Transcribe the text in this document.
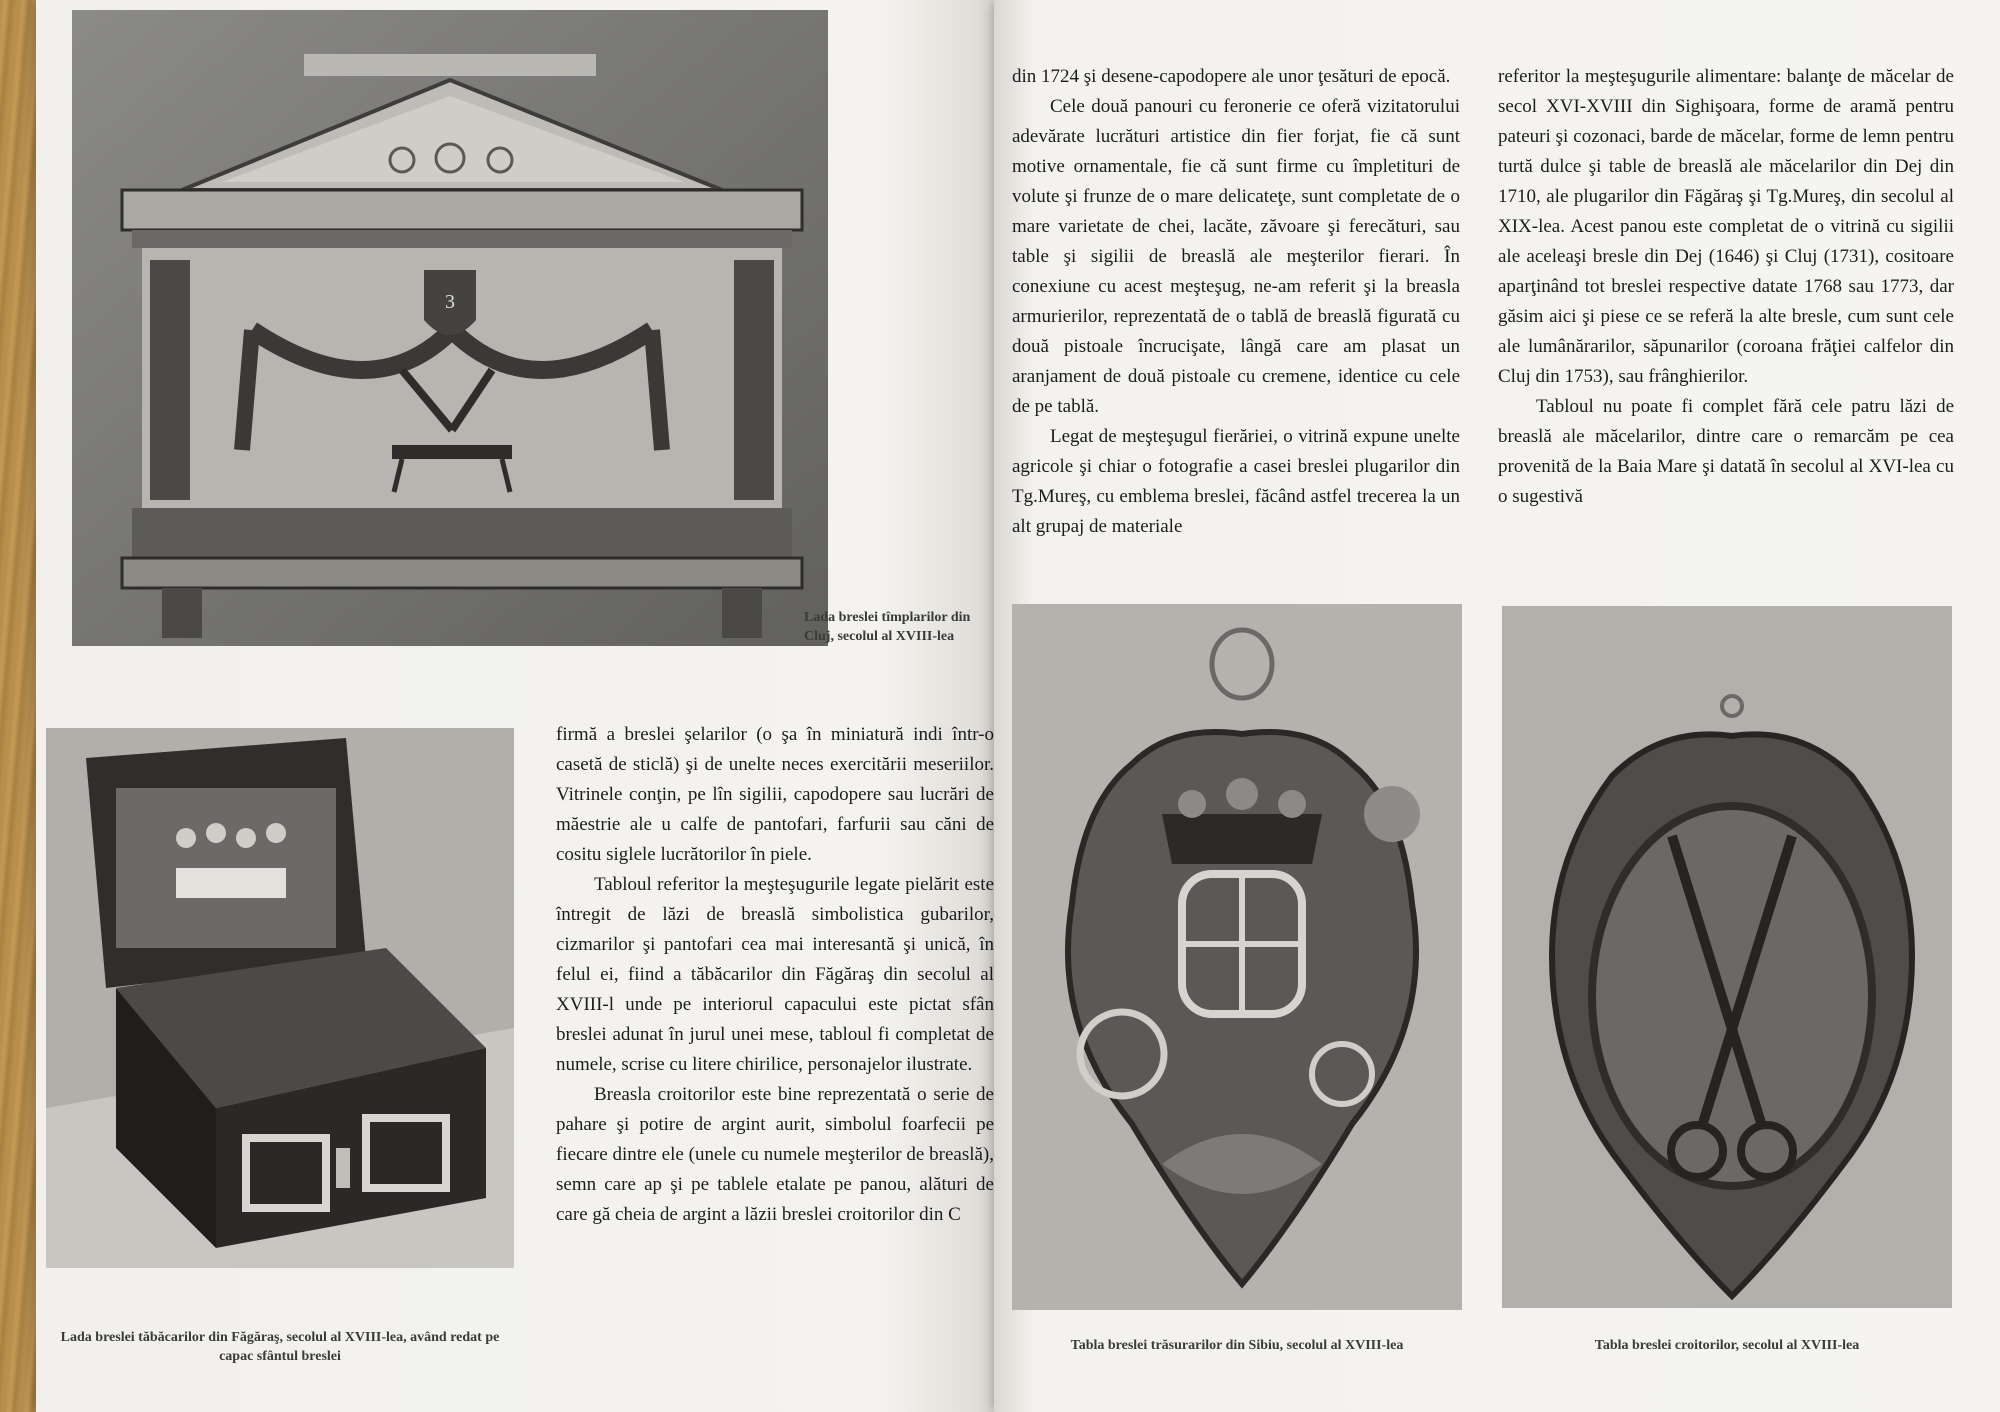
3
Lada breslei tîmplarilor din Cluj, secolul al XVIII-lea
Lada breslei tăbăcarilor din Făgăraş, secolul al XVIII-lea, având redat pe capac sfântul breslei

firmă a breslei şelarilor (o şa în miniatură indi într-o casetă de sticlă) şi de unelte neces exercitării meseriilor. Vitrinele conţin, pe lîn sigilii, capodopere sau lucrări de măestrie ale u calfe de pantofari, farfurii sau căni de cositu siglele lucrătorilor în piele.

Tabloul referitor la meşteşugurile legate pielărit este întregit de lăzi de breaslă simbolistica gubarilor, cizmarilor şi pantofari cea mai interesantă şi unică, în felul ei, fiind a tăbăcarilor din Făgăraş din secolul al XVIII-l unde pe interiorul capacului este pictat sfân breslei adunat în jurul unei mese, tabloul fi completat de numele, scrise cu litere chirilice, personajelor ilustrate.

Breasla croitorilor este bine reprezentată o serie de pahare şi potire de argint aurit, simbolul foarfecii pe fiecare dintre ele (unele cu numele meşterilor de breaslă), semn care ap şi pe tablele etalate pe panou, alături de care gă cheia de argint a lăzii breslei croitorilor din C

din 1724 şi desene-capodopere ale unor ţesături de epocă.

Cele două panouri cu feronerie ce oferă vizitatorului adevărate lucrături artistice din fier forjat, fie că sunt motive ornamentale, fie că sunt firme cu împletituri de volute şi frunze de o mare delicateţe, sunt completate de o mare varietate de chei, lacăte, zăvoare şi ferecături, sau table şi sigilii de breaslă ale meşterilor fierari. În conexiune cu acest meşteşug, ne-am referit şi la breasla armurierilor, reprezentată de o tablă de breaslă figurată cu două pistoale încrucişate, lângă care am plasat un aranjament de două pistoale cu cremene, identice cu cele de pe tablă.

Legat de meşteşugul fierăriei, o vitrină expune unelte agricole şi chiar o fotografie a casei breslei plugarilor din Tg.Mureş, cu emblema breslei, făcând astfel trecerea la un alt grupaj de materiale

referitor la meşteşugurile alimentare: balanţe de măcelar de secol XVI-XVIII din Sighişoara, forme de aramă pentru pateuri şi cozonaci, barde de măcelar, forme de lemn pentru turtă dulce şi table de breaslă ale măcelarilor din Dej din 1710, ale plugarilor din Făgăraş şi Tg.Mureş, din secolul al XIX-lea. Acest panou este completat de o vitrină cu sigilii ale aceleaşi bresle din Dej (1646) şi Cluj (1731), cositoare aparţinând tot breslei respective datate 1768 sau 1773, dar găsim aici şi piese ce se referă la alte bresle, cum sunt cele ale lumânărarilor, săpunarilor (coroana frăţiei calfelor din Cluj din 1753), sau frânghierilor.

Tabloul nu poate fi complet fără cele patru lăzi de breaslă ale măcelarilor, dintre care o remarcăm pe cea provenită de la Baia Mare şi datată în secolul al XVI-lea cu o sugestivă

Tabla breslei trăsurarilor din Sibiu, secolul al XVIII-lea	Tabla breslei croitorilor, secolul al XVIII-lea
